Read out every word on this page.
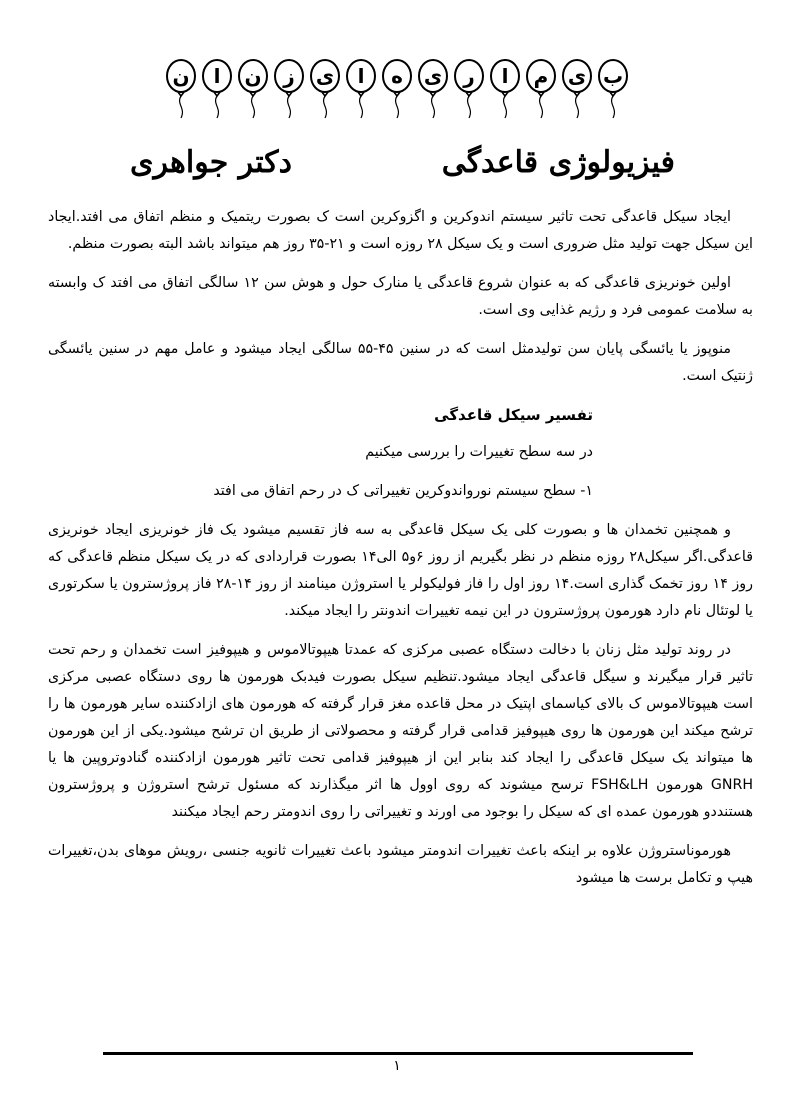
ب
ی
م
ا
ر
ی
ه
ا
ی
ز
ن
ا
ن
فیزیولوژی قاعدگی
دکتر جواهری

ایجاد سیکل قاعدگی تحت تاثیر سیستم اندوکرین و اگزوکرین است ک بصورت ریتمیک و منظم اتفاق می افتد.ایجاد این سیکل جهت تولید مثل ضروری است و یک سیکل ۲۸ روزه است و ۲۱-۳۵ روز هم میتواند باشد البته بصورت منظم.

اولین خونریزی قاعدگی که به عنوان شروع قاعدگی یا منارک حول و هوش سن ۱۲ سالگی اتفاق می افتد ک وابسته به سلامت عمومی فرد و رژیم غذایی وی است.

منوپوز یا یائسگی پایان سن تولیدمثل است که در سنین ۴۵-۵۵ سالگی ایجاد میشود و عامل مهم در سنین یائسگی ژنتیک است.

تفسیر سیکل قاعدگی

در سه سطح تغییرات را بررسی میکنیم

۱- سطح سیستم نورواندوکرین تغییراتی ک در رحم اتفاق می افتد

و همچنین تخمدان ها و بصورت کلی یک سیکل قاعدگی به سه فاز تقسیم میشود یک فاز خونریزی ایجاد خونریزی قاعدگی.اگر سیکل۲۸ روزه منظم در نظر بگیریم از روز ۶و۵ الی۱۴ بصورت قراردادی که در یک سیکل منظم قاعدگی که روز ۱۴ روز تخمک گذاری است.۱۴ روز اول را فاز فولیکولر یا استروژن مینامند از روز ۱۴-۲۸ فاز پروژسترون یا سکرتوری یا لوتئال نام دارد هورمون پروژسترون در این نیمه تغییرات اندونتر را ایجاد میکند.

در روند تولید مثل زنان با دخالت دستگاه عصبی مرکزی که عمدتا هیپوتالاموس و هیپوفیز است تخمدان و رحم تحت تاثیر قرار میگیرند و سیگل قاعدگی ایجاد میشود.تنظیم سیکل بصورت فیدبک هورمون ها روی دستگاه عصبی مرکزی است هیپوتالاموس ک بالای کیاسمای اپتیک در محل قاعده مغز قرار گرفته که هورمون های ازادکننده سایر هورمون ها را ترشح میکند این هورمون ها روی هیپوفیز قدامی قرار گرفته و محصولاتی از طریق ان ترشح میشود.یکی از این هورمون ها میتواند یک سیکل قاعدگی را ایجاد کند بنابر این از هیپوفیز قدامی تحت تاثیر هورمون ازادکننده گنادوتروپین ها یا GNRH هورمون FSH&LH ترسح میشوند که روی اوول ها اثر میگذارند که مسئول ترشح استروژن و پروژسترون هستنددو هورمون عمده ای که سیکل را بوجود می اورند و تغییراتی را روی اندومتر رحم ایجاد میکنند

هورموناستروژن علاوه بر اینکه باعث تغییرات اندومتر میشود باعث تغییرات ثانویه جنسی ،رویش موهای بدن،تغییرات هیپ و تکامل برست ها میشود

۱
